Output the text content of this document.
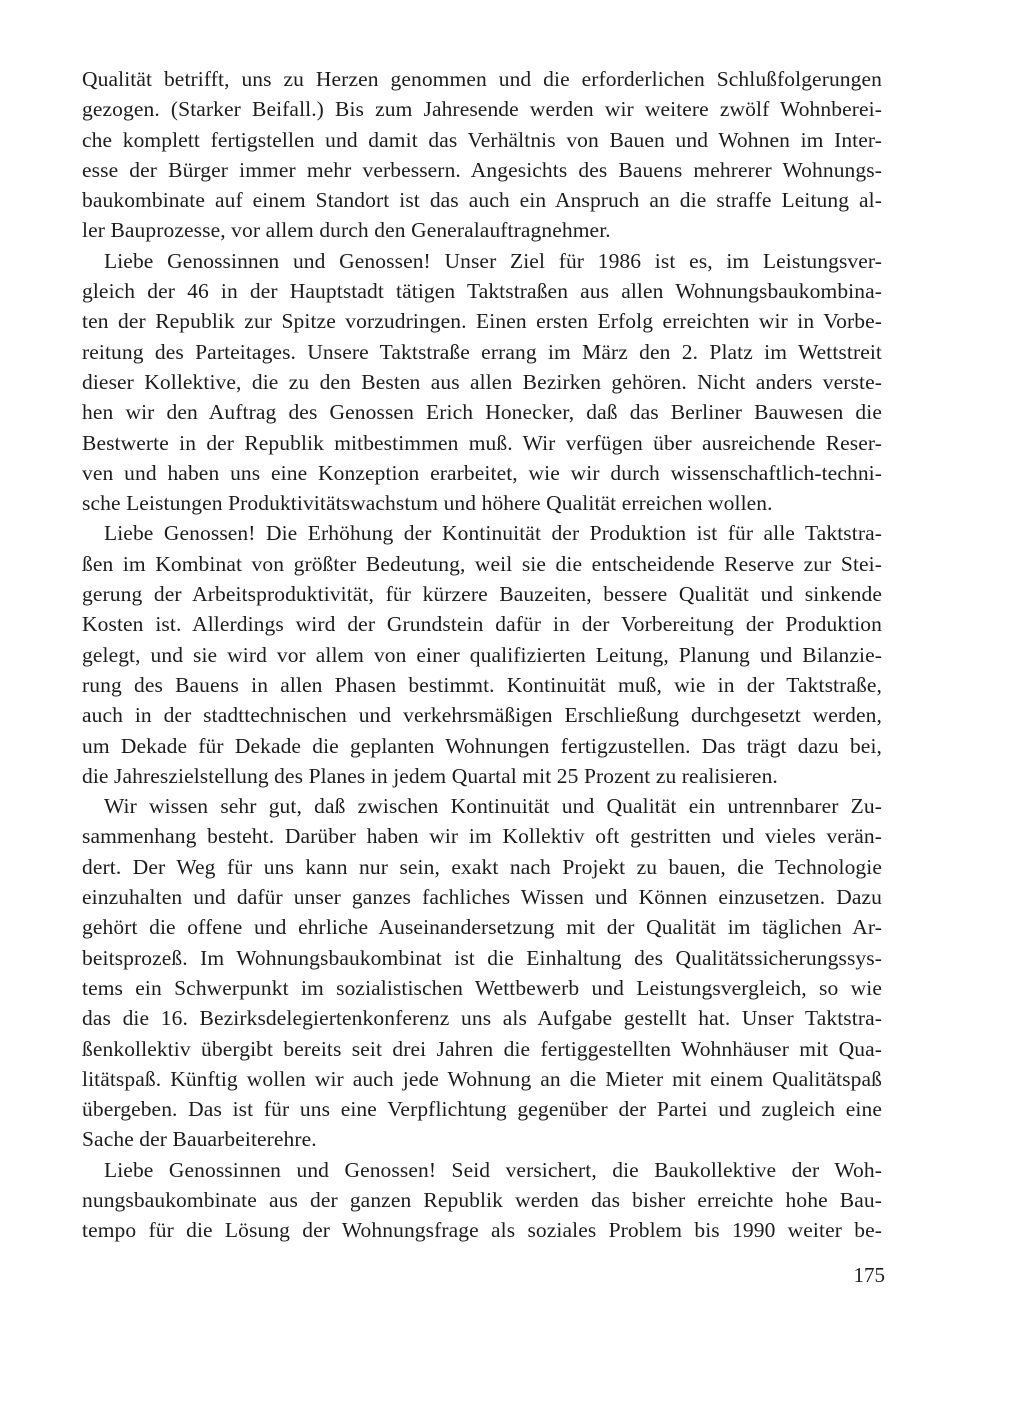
Qualität betrifft, uns zu Herzen genommen und die erforderlichen Schlußfolgerungen
gezogen. (Starker Beifall.) Bis zum Jahresende werden wir weitere zwölf Wohnberei-
che komplett fertigstellen und damit das Verhältnis von Bauen und Wohnen im Inter-
esse der Bürger immer mehr verbessern. Angesichts des Bauens mehrerer Wohnungs-
baukombinate auf einem Standort ist das auch ein Anspruch an die straffe Leitung al-
ler Bauprozesse, vor allem durch den Generalauftragnehmer.
Liebe Genossinnen und Genossen! Unser Ziel für 1986 ist es, im Leistungsver-
gleich der 46 in der Hauptstadt tätigen Taktstraßen aus allen Wohnungsbaukombina-
ten der Republik zur Spitze vorzudringen. Einen ersten Erfolg erreichten wir in Vorbe-
reitung des Parteitages. Unsere Taktstraße errang im März den 2. Platz im Wettstreit
dieser Kollektive, die zu den Besten aus allen Bezirken gehören. Nicht anders verste-
hen wir den Auftrag des Genossen Erich Honecker, daß das Berliner Bauwesen die
Bestwerte in der Republik mitbestimmen muß. Wir verfügen über ausreichende Reser-
ven und haben uns eine Konzeption erarbeitet, wie wir durch wissenschaftlich-techni-
sche Leistungen Produktivitätswachstum und höhere Qualität erreichen wollen.
Liebe Genossen! Die Erhöhung der Kontinuität der Produktion ist für alle Taktstra-
ßen im Kombinat von größter Bedeutung, weil sie die entscheidende Reserve zur Stei-
gerung der Arbeitsproduktivität, für kürzere Bauzeiten, bessere Qualität und sinkende
Kosten ist. Allerdings wird der Grundstein dafür in der Vorbereitung der Produktion
gelegt, und sie wird vor allem von einer qualifizierten Leitung, Planung und Bilanzie-
rung des Bauens in allen Phasen bestimmt. Kontinuität muß, wie in der Taktstraße,
auch in der stadttechnischen und verkehrsmäßigen Erschließung durchgesetzt werden,
um Dekade für Dekade die geplanten Wohnungen fertigzustellen. Das trägt dazu bei,
die Jahreszielstellung des Planes in jedem Quartal mit 25 Prozent zu realisieren.
Wir wissen sehr gut, daß zwischen Kontinuität und Qualität ein untrennbarer Zu-
sammenhang besteht. Darüber haben wir im Kollektiv oft gestritten und vieles verän-
dert. Der Weg für uns kann nur sein, exakt nach Projekt zu bauen, die Technologie
einzuhalten und dafür unser ganzes fachliches Wissen und Können einzusetzen. Dazu
gehört die offene und ehrliche Auseinandersetzung mit der Qualität im täglichen Ar-
beitsprozeß. Im Wohnungsbaukombinat ist die Einhaltung des Qualitätssicherungssys-
tems ein Schwerpunkt im sozialistischen Wettbewerb und Leistungsvergleich, so wie
das die 16. Bezirksdelegiertenkonferenz uns als Aufgabe gestellt hat. Unser Taktstra-
ßenkollektiv übergibt bereits seit drei Jahren die fertiggestellten Wohnhäuser mit Qua-
litätspaß. Künftig wollen wir auch jede Wohnung an die Mieter mit einem Qualitätspaß
übergeben. Das ist für uns eine Verpflichtung gegenüber der Partei und zugleich eine
Sache der Bauarbeiterehre.
Liebe Genossinnen und Genossen! Seid versichert, die Baukollektive der Woh-
nungsbaukombinate aus der ganzen Republik werden das bisher erreichte hohe Bau-
tempo für die Lösung der Wohnungsfrage als soziales Problem bis 1990 weiter be-
175
